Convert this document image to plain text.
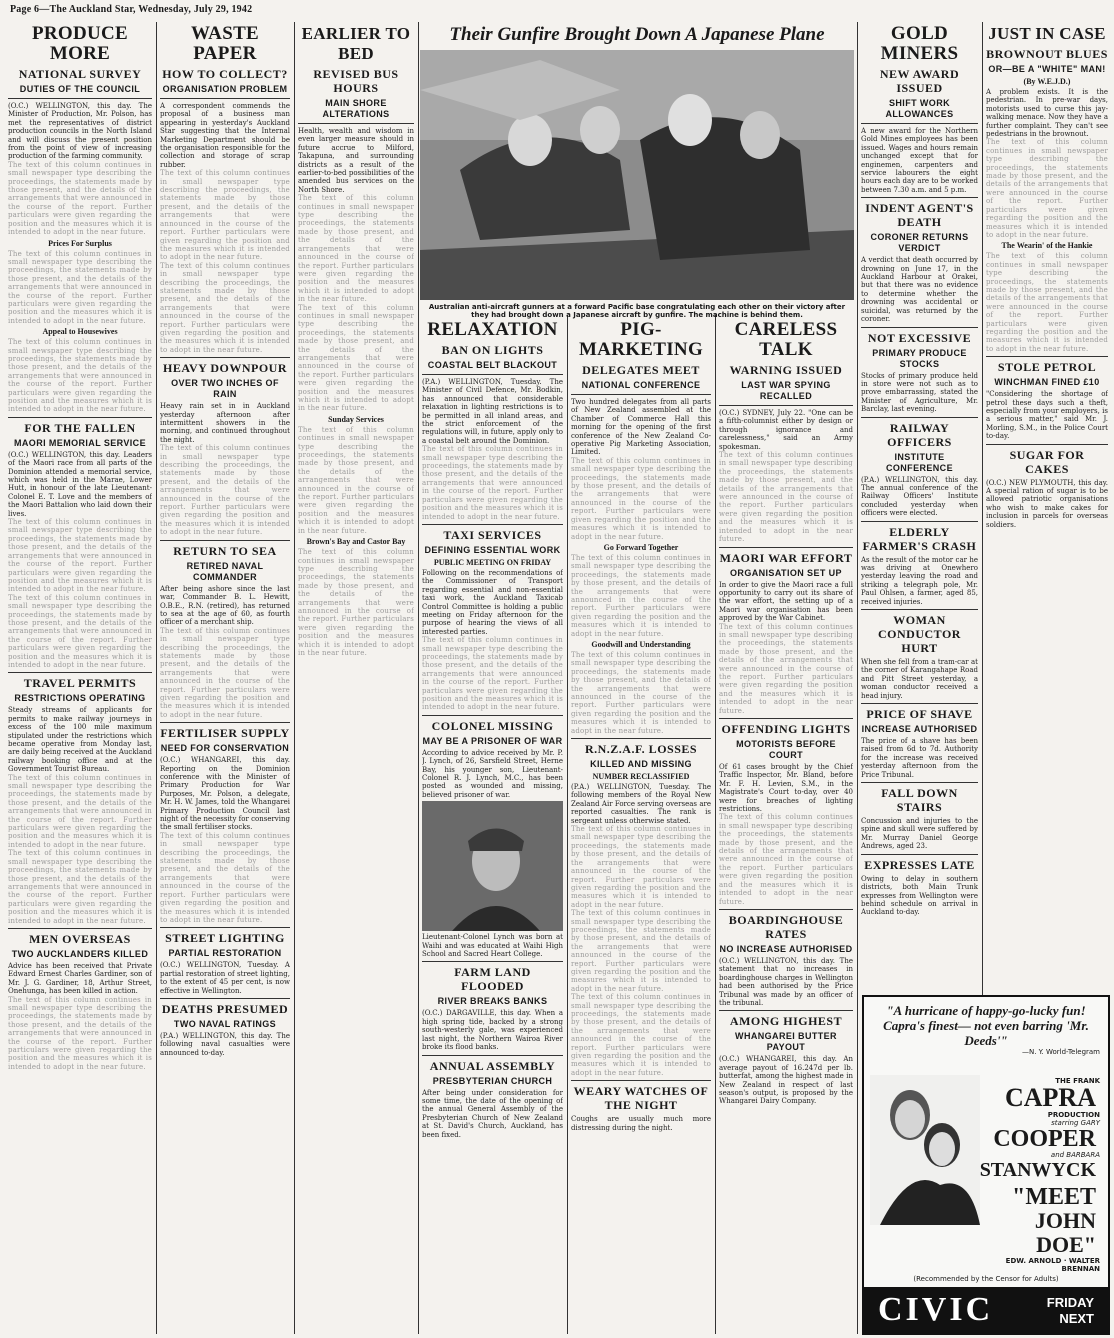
Page 6—The Auckland Star, Wednesday, July 29, 1942
PRODUCE MORE
NATIONAL SURVEY
DUTIES OF THE COUNCIL

(O.C.) WELLINGTON, this day. The Minister of Production, Mr. Polson, has met the representatives of district production councils in the North Island and will discuss the present position from the point of view of increasing production of the farming community.

The text of this column continues in small newspaper type describing the proceedings, the statements made by those present, and the details of the arrangements that were announced in the course of the report. Further particulars were given regarding the position and the measures which it is intended to adopt in the near future.
Prices For Surplus
The text of this column continues in small newspaper type describing the proceedings, the statements made by those present, and the details of the arrangements that were announced in the course of the report. Further particulars were given regarding the position and the measures which it is intended to adopt in the near future.
Appeal to Housewives
The text of this column continues in small newspaper type describing the proceedings, the statements made by those present, and the details of the arrangements that were announced in the course of the report. Further particulars were given regarding the position and the measures which it is intended to adopt in the near future.
FOR THE FALLEN
MAORI MEMORIAL SERVICE

(O.C.) WELLINGTON, this day. Leaders of the Maori race from all parts of the Dominion attended a memorial service, which was held in the Marae, Lower Hutt, in honour of the late Lieutenant-Colonel E. T. Love and the members of the Maori Battalion who laid down their lives.

The text of this column continues in small newspaper type describing the proceedings, the statements made by those present, and the details of the arrangements that were announced in the course of the report. Further particulars were given regarding the position and the measures which it is intended to adopt in the near future.
The text of this column continues in small newspaper type describing the proceedings, the statements made by those present, and the details of the arrangements that were announced in the course of the report. Further particulars were given regarding the position and the measures which it is intended to adopt in the near future.
TRAVEL PERMITS
RESTRICTIONS OPERATING

Steady streams of applicants for permits to make railway journeys in excess of the 100 mile maximum stipulated under the restrictions which became operative from Monday last, are daily being received at the Auckland railway booking office and at the Government Tourist Bureau.

The text of this column continues in small newspaper type describing the proceedings, the statements made by those present, and the details of the arrangements that were announced in the course of the report. Further particulars were given regarding the position and the measures which it is intended to adopt in the near future.
The text of this column continues in small newspaper type describing the proceedings, the statements made by those present, and the details of the arrangements that were announced in the course of the report. Further particulars were given regarding the position and the measures which it is intended to adopt in the near future.
MEN OVERSEAS
TWO AUCKLANDERS KILLED

Advice has been received that Private Edward Ernest Charles Gardiner, son of Mr. J. G. Gardiner, 18, Arthur Street, Onehunga, has been killed in action.

The text of this column continues in small newspaper type describing the proceedings, the statements made by those present, and the details of the arrangements that were announced in the course of the report. Further particulars were given regarding the position and the measures which it is intended to adopt in the near future.
WASTE PAPER
HOW TO COLLECT?
ORGANISATION PROBLEM

A correspondent commends the proposal of a business man appearing in yesterday's Auckland Star suggesting that the Internal Marketing Department should be the organisation responsible for the collection and storage of scrap rubber.

The text of this column continues in small newspaper type describing the proceedings, the statements made by those present, and the details of the arrangements that were announced in the course of the report. Further particulars were given regarding the position and the measures which it is intended to adopt in the near future.
The text of this column continues in small newspaper type describing the proceedings, the statements made by those present, and the details of the arrangements that were announced in the course of the report. Further particulars were given regarding the position and the measures which it is intended to adopt in the near future.
HEAVY DOWNPOUR
OVER TWO INCHES OF RAIN

Heavy rain set in in Auckland yesterday afternoon after intermittent showers in the morning, and continued throughout the night.

The text of this column continues in small newspaper type describing the proceedings, the statements made by those present, and the details of the arrangements that were announced in the course of the report. Further particulars were given regarding the position and the measures which it is intended to adopt in the near future.
RETURN TO SEA
RETIRED NAVAL COMMANDER

After being ashore since the last war, Commander B. L. Hewitt, O.B.E., R.N. (retired), has returned to sea at the age of 60, as fourth officer of a merchant ship.

The text of this column continues in small newspaper type describing the proceedings, the statements made by those present, and the details of the arrangements that were announced in the course of the report. Further particulars were given regarding the position and the measures which it is intended to adopt in the near future.
FERTILISER SUPPLY
NEED FOR CONSERVATION

(O.C.) WHANGAREI, this day. Reporting on the Dominion conference with the Minister of Primary Production for War Purposes, Mr. Polson, a delegate, Mr. H. W. James, told the Whangarei Primary Production Council last night of the necessity for conserving the small fertiliser stocks.

The text of this column continues in small newspaper type describing the proceedings, the statements made by those present, and the details of the arrangements that were announced in the course of the report. Further particulars were given regarding the position and the measures which it is intended to adopt in the near future.
STREET LIGHTING
PARTIAL RESTORATION

(O.C.) WELLINGTON, Tuesday. A partial restoration of street lighting, to the extent of 45 per cent, is now effective in Wellington.

DEATHS PRESUMED
TWO NAVAL RATINGS

(P.A.) WELLINGTON, this day. The following naval casualties were announced to-day.

EARLIER TO BED
REVISED BUS HOURS
MAIN SHORE ALTERATIONS

Health, wealth and wisdom in even larger measure should in future accrue to Milford, Takapuna, and surrounding districts as a result of the earlier-to-bed possibilities of the amended bus services on the North Shore.

The text of this column continues in small newspaper type describing the proceedings, the statements made by those present, and the details of the arrangements that were announced in the course of the report. Further particulars were given regarding the position and the measures which it is intended to adopt in the near future.
The text of this column continues in small newspaper type describing the proceedings, the statements made by those present, and the details of the arrangements that were announced in the course of the report. Further particulars were given regarding the position and the measures which it is intended to adopt in the near future.
Sunday Services
The text of this column continues in small newspaper type describing the proceedings, the statements made by those present, and the details of the arrangements that were announced in the course of the report. Further particulars were given regarding the position and the measures which it is intended to adopt in the near future.
Brown's Bay and Castor Bay
The text of this column continues in small newspaper type describing the proceedings, the statements made by those present, and the details of the arrangements that were announced in the course of the report. Further particulars were given regarding the position and the measures which it is intended to adopt in the near future.
Their Gunfire Brought Down A Japanese Plane
Australian anti-aircraft gunners at a forward Pacific base congratulating each other on their victory after they had brought down a Japanese aircraft by gunfire. The machine is behind them.
RELAXATION
BAN ON LIGHTS
COASTAL BELT BLACKOUT

(P.A.) WELLINGTON, Tuesday. The Minister of Civil Defence, Mr. Bodkin, has announced that considerable relaxation in lighting restrictions is to be permitted in all inland areas, and the strict enforcement of the regulations will, in future, apply only to a coastal belt around the Dominion.

The text of this column continues in small newspaper type describing the proceedings, the statements made by those present, and the details of the arrangements that were announced in the course of the report. Further particulars were given regarding the position and the measures which it is intended to adopt in the near future.
TAXI SERVICES
DEFINING ESSENTIAL WORK
PUBLIC MEETING ON FRIDAY

Following on the recommendations of the Commissioner of Transport regarding essential and non-essential taxi work, the Auckland Taxicab Control Committee is holding a public meeting on Friday afternoon for the purpose of hearing the views of all interested parties.

The text of this column continues in small newspaper type describing the proceedings, the statements made by those present, and the details of the arrangements that were announced in the course of the report. Further particulars were given regarding the position and the measures which it is intended to adopt in the near future.
COLONEL MISSING
MAY BE A PRISONER OF WAR

According to advice received by Mr. P. J. Lynch, of 26, Sarsfield Street, Herne Bay, his younger son, Lieutenant-Colonel R. J. Lynch, M.C., has been posted as wounded and missing, believed prisoner of war.

Lieutenant-Colonel Lynch was born at Waihi and was educated at Waihi High School and Sacred Heart College.

FARM LAND FLOODED
RIVER BREAKS BANKS

(O.C.) DARGAVILLE, this day. When a high spring tide, backed by a strong south-westerly gale, was experienced last night, the Northern Wairoa River broke its flood banks.

ANNUAL ASSEMBLY
PRESBYTERIAN CHURCH

After being under consideration for some time, the date of the opening of the annual General Assembly of the Presbyterian Church of New Zealand at St. David's Church, Auckland, has been fixed.

PIG-MARKETING
DELEGATES MEET
NATIONAL CONFERENCE

Two hundred delegates from all parts of New Zealand assembled at the Chamber of Commerce Hall this morning for the opening of the first conference of the New Zealand Co-operative Pig Marketing Association, Limited.

The text of this column continues in small newspaper type describing the proceedings, the statements made by those present, and the details of the arrangements that were announced in the course of the report. Further particulars were given regarding the position and the measures which it is intended to adopt in the near future.
Go Forward Together
The text of this column continues in small newspaper type describing the proceedings, the statements made by those present, and the details of the arrangements that were announced in the course of the report. Further particulars were given regarding the position and the measures which it is intended to adopt in the near future.
Goodwill and Understanding
The text of this column continues in small newspaper type describing the proceedings, the statements made by those present, and the details of the arrangements that were announced in the course of the report. Further particulars were given regarding the position and the measures which it is intended to adopt in the near future.
R.N.Z.A.F. LOSSES
KILLED AND MISSING
NUMBER RECLASSIFIED

(P.A.) WELLINGTON, Tuesday. The following members of the Royal New Zealand Air Force serving overseas are reported casualties. The rank is sergeant unless otherwise stated.

The text of this column continues in small newspaper type describing the proceedings, the statements made by those present, and the details of the arrangements that were announced in the course of the report. Further particulars were given regarding the position and the measures which it is intended to adopt in the near future.
The text of this column continues in small newspaper type describing the proceedings, the statements made by those present, and the details of the arrangements that were announced in the course of the report. Further particulars were given regarding the position and the measures which it is intended to adopt in the near future.
The text of this column continues in small newspaper type describing the proceedings, the statements made by those present, and the details of the arrangements that were announced in the course of the report. Further particulars were given regarding the position and the measures which it is intended to adopt in the near future.
WEARY WATCHES OF THE NIGHT

Coughs are usually much more distressing during the night.

CARELESS TALK
WARNING ISSUED
LAST WAR SPYING RECALLED

(O.C.) SYDNEY, July 22. "One can be a fifth-columnist either by design or through ignorance and carelessness," said an Army spokesman.

The text of this column continues in small newspaper type describing the proceedings, the statements made by those present, and the details of the arrangements that were announced in the course of the report. Further particulars were given regarding the position and the measures which it is intended to adopt in the near future.
MAORI WAR EFFORT
ORGANISATION SET UP

In order to give the Maori race a full opportunity to carry out its share of the war effort, the setting up of a Maori war organisation has been approved by the War Cabinet.

The text of this column continues in small newspaper type describing the proceedings, the statements made by those present, and the details of the arrangements that were announced in the course of the report. Further particulars were given regarding the position and the measures which it is intended to adopt in the near future.
OFFENDING LIGHTS
MOTORISTS BEFORE COURT

Of 61 cases brought by the Chief Traffic Inspector, Mr. Bland, before Mr. F. H. Levien, S.M., in the Magistrate's Court to-day, over 40 were for breaches of lighting restrictions.

The text of this column continues in small newspaper type describing the proceedings, the statements made by those present, and the details of the arrangements that were announced in the course of the report. Further particulars were given regarding the position and the measures which it is intended to adopt in the near future.
BOARDINGHOUSE RATES
NO INCREASE AUTHORISED

(O.C.) WELLINGTON, this day. The statement that no increases in boardinghouse charges in Wellington had been authorised by the Price Tribunal was made by an officer of the tribunal.

AMONG HIGHEST
WHANGAREI BUTTER PAYOUT

(O.C.) WHANGAREI, this day. An average payout of 16.247d per lb. butterfat, among the highest made in New Zealand in respect of last season's output, is proposed by the Whangarei Dairy Company.

GOLD MINERS
NEW AWARD ISSUED
SHIFT WORK ALLOWANCES

A new award for the Northern Gold Mines employees has been issued. Wages and hours remain unchanged except that for enginemen, carpenters and service labourers the eight hours each day are to be worked between 7.30 a.m. and 5 p.m.

INDENT AGENT'S DEATH
CORONER RETURNS VERDICT

A verdict that death occurred by drowning on June 17, in the Auckland Harbour at Orakei, but that there was no evidence to determine whether the drowning was accidental or suicidal, was returned by the coroner.

NOT EXCESSIVE
PRIMARY PRODUCE STOCKS

Stocks of primary produce held in store were not such as to prove embarrassing, stated the Minister of Agriculture, Mr. Barclay, last evening.

RAILWAY OFFICERS
INSTITUTE CONFERENCE

(P.A.) WELLINGTON, this day. The annual conference of the Railway Officers' Institute concluded yesterday when officers were elected.

ELDERLY FARMER'S CRASH

As the result of the motor car he was driving at Onewhero yesterday leaving the road and striking a telegraph pole, Mr. Paul Ohlsen, a farmer, aged 85, received injuries.

WOMAN CONDUCTOR HURT

When she fell from a tram-car at the corner of Karangahape Road and Pitt Street yesterday, a woman conductor received a head injury.

PRICE OF SHAVE
INCREASE AUTHORISED

The price of a shave has been raised from 6d to 7d. Authority for the increase was received yesterday afternoon from the Price Tribunal.

FALL DOWN STAIRS

Concussion and injuries to the spine and skull were suffered by Mr. Murray Daniel George Andrews, aged 23.

EXPRESSES LATE

Owing to delay in southern districts, both Main Trunk expresses from Wellington were behind schedule on arrival in Auckland to-day.

JUST IN CASE
BROWNOUT BLUES
OR—BE A "WHITE" MAN!
(By W.E.J.D.)

A problem exists. It is the pedestrian. In pre-war days, motorists used to curse this jay-walking menace. Now they have a further complaint. They can't see pedestrians in the brownout.

The text of this column continues in small newspaper type describing the proceedings, the statements made by those present, and the details of the arrangements that were announced in the course of the report. Further particulars were given regarding the position and the measures which it is intended to adopt in the near future.
The Wearin' of the Hankie
The text of this column continues in small newspaper type describing the proceedings, the statements made by those present, and the details of the arrangements that were announced in the course of the report. Further particulars were given regarding the position and the measures which it is intended to adopt in the near future.
STOLE PETROL
WINCHMAN FINED £10

"Considering the shortage of petrol these days such a theft, especially from your employers, is a serious matter," said Mr. J. Morling, S.M., in the Police Court to-day.

SUGAR FOR CAKES

(O.C.) NEW PLYMOUTH, this day. A special ration of sugar is to be allowed patriotic organisations who wish to make cakes for inclusion in parcels for overseas soldiers.

"A hurricane of happy-go-lucky fun! Capra's finest— not even barring 'Mr. Deeds'"
—N. Y. World-Telegram
THE FRANK
CAPRA
PRODUCTION
starring GARY
COOPER
and BARBARA
STANWYCK
"MEET
JOHN DOE"
EDW. ARNOLD · WALTER BRENNAN
(Recommended by the Censor for Adults)
CIVIC	FRIDAY
NEXT
